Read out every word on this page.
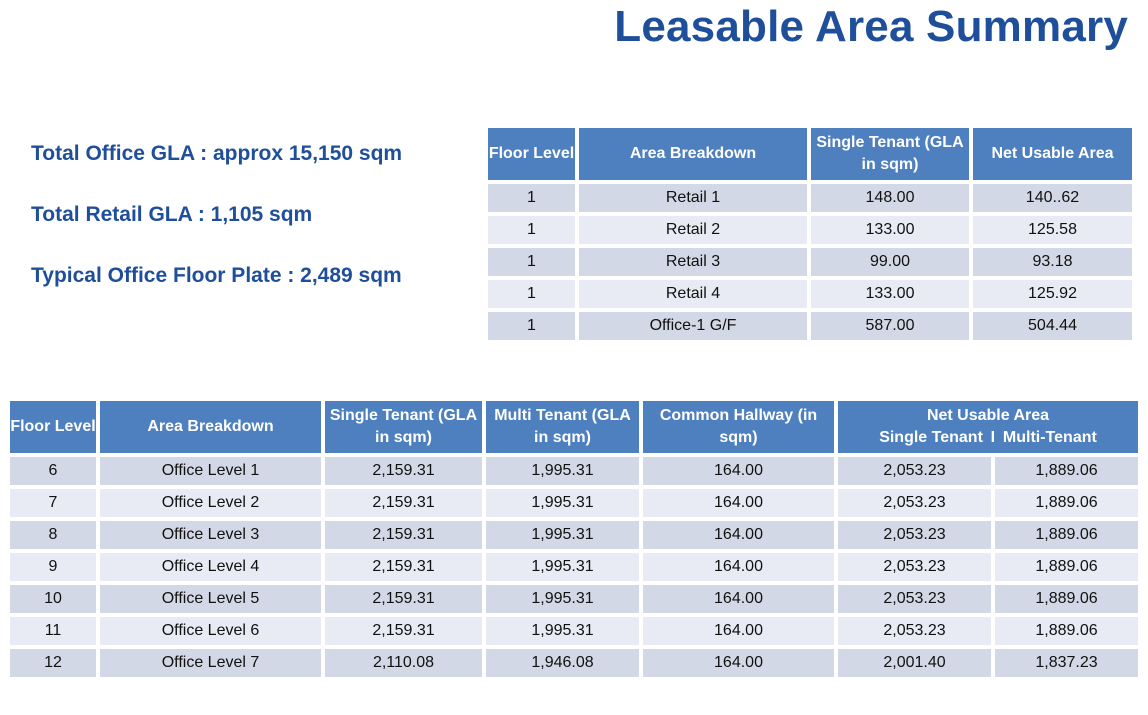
Leasable Area Summary
Total Office GLA : approx 15,150 sqm
Total Retail GLA : 1,105 sqm
Typical Office Floor Plate : 2,489 sqm
Floor Level	Area Breakdown	Single Tenant (GLA in sqm)	Net Usable Area
1	Retail 1	148.00	140..62
1	Retail 2	133.00	125.58
1	Retail 3	99.00	93.18
1	Retail 4	133.00	125.92
1	Office-1 G/F	587.00	504.44
Floor Level	Area Breakdown	Single Tenant (GLA in sqm)	Multi Tenant (GLA in sqm)	Common Hallway (in sqm)	Net Usable Area
Single Tenant I Multi-Tenant	

6	Office Level 1	2,159.31	1,995.31	164.00	2,053.23	1,889.06
7	Office Level 2	2,159.31	1,995.31	164.00	2,053.23	1,889.06
8	Office Level 3	2,159.31	1,995.31	164.00	2,053.23	1,889.06
9	Office Level 4	2,159.31	1,995.31	164.00	2,053.23	1,889.06
10	Office Level 5	2,159.31	1,995.31	164.00	2,053.23	1,889.06
11	Office Level 6	2,159.31	1,995.31	164.00	2,053.23	1,889.06
12	Office Level 7	2,110.08	1,946.08	164.00	2,001.40	1,837.23
